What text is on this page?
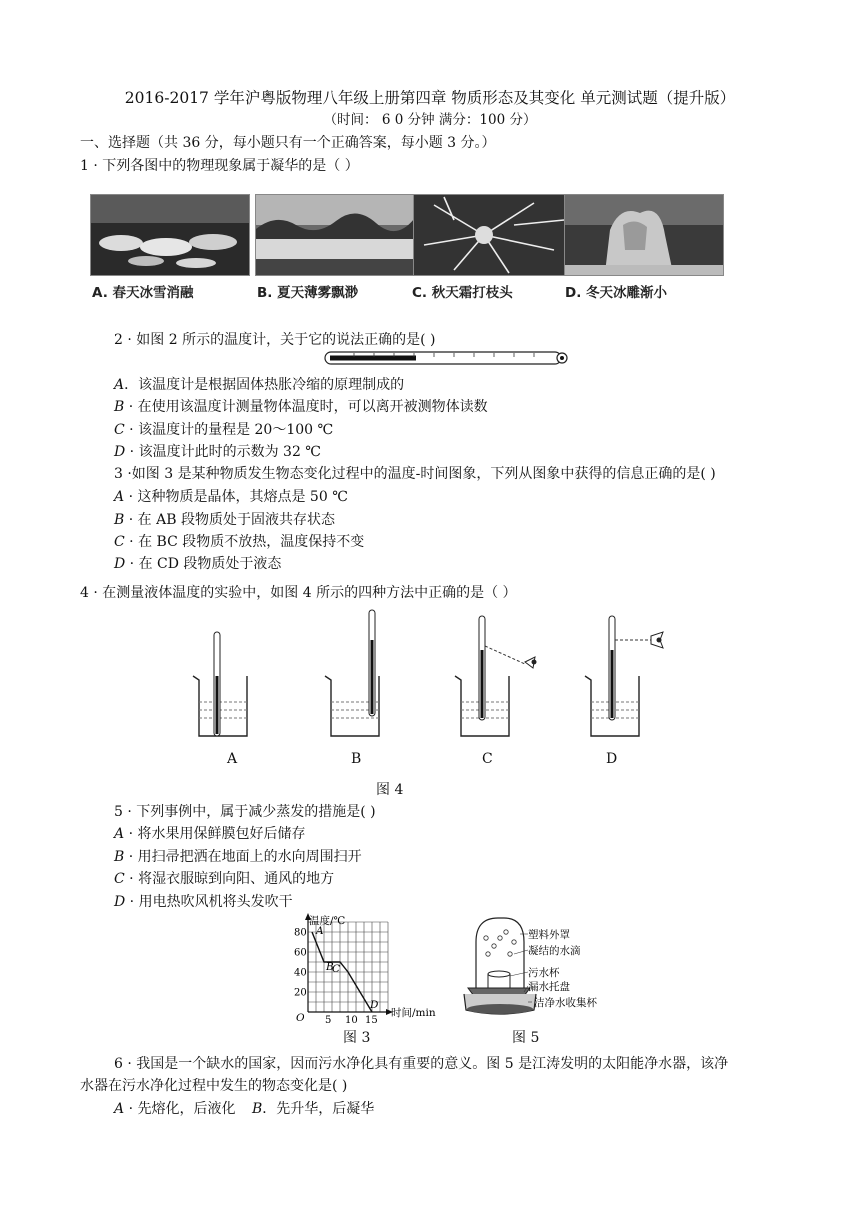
2016-2017 学年沪粤版物理八年级上册第四章 物质形态及其变化 单元测试题（提升版）
（时间： 6 0 分钟 满分：100 分）
一、选择题（共 36 分，每小题只有一个正确答案，每小题 3 分。）
1 · 下列各图中的物理现象属于凝华的是（ ）
A. 春天冰雪消融	B. 夏天薄雾飘渺	C. 秋天霜打枝头	D. 冬天冰雕渐小
2 · 如图 2 所示的温度计，关于它的说法正确的是( )
A．该温度计是根据固体热胀冷缩的原理制成的
B · 在使用该温度计测量物体温度时，可以离开被测物体读数
C · 该温度计的量程是 20～100 ℃
D · 该温度计此时的示数为 32 ℃
3 ·如图 3 是某种物质发生物态变化过程中的温度-时间图象，下列从图象中获得的信息正确的是( )
A · 这种物质是晶体，其熔点是 50 ℃
B · 在 AB 段物质处于固液共存状态
C · 在 BC 段物质不放热，温度保持不变
D · 在 CD 段物质处于液态
4 · 在测量液体温度的实验中，如图 4 所示的四种方法中正确的是（ ）
A	B	C	D
图 4
5 · 下列事例中，属于减少蒸发的措施是( )
A · 将水果用保鲜膜包好后储存
B · 用扫帚把洒在地面上的水向周围扫开
C · 将湿衣服晾到向阳、通风的地方
D · 用电热吹风机将头发吹干
温度/℃
时间/min
O
80
60
40
20
5 10 15
A
B
C
D
图 3
塑料外罩
凝结的水滴
污水杯
漏水托盘
洁净水收集杯
图 5
6 · 我国是一个缺水的国家，因而污水净化具有重要的意义。图 5 是江涛发明的太阳能净水器，该净
水器在污水净化过程中发生的物态变化是( )
A · 先熔化，后液化 B．先升华，后凝华
